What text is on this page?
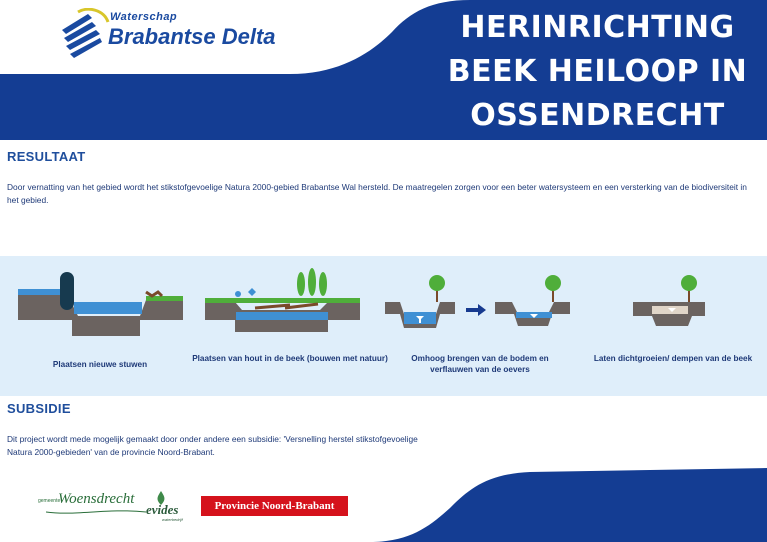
Waterschap
Brabantse Delta	HERINRICHTING
BEEK HEILOOP IN
OSSENDRECHT
RESULTAAT
Door vernatting van het gebied wordt het stikstofgevoelige Natura 2000-gebied Brabantse Wal hersteld. De maatregelen zorgen voor een beter watersysteem en een versterking van de biodiversiteit in het gebied.
Plaatsen nieuwe stuwen
Plaatsen van hout in de beek (bouwen met natuur)	Omhoog brengen van de bodem en verflauwen van de oevers
Laten dichtgroeien/ dempen van de beek
SUBSIDIE
Dit project wordt mede mogelijk gemaakt door onder andere een subsidie: 'Versnelling herstel stikstofgevoelige Natura 2000-gebieden' van de provincie Noord-Brabant.
gemeente
Woensdrecht
evides
waterbedrijf
Provincie Noord-Brabant
